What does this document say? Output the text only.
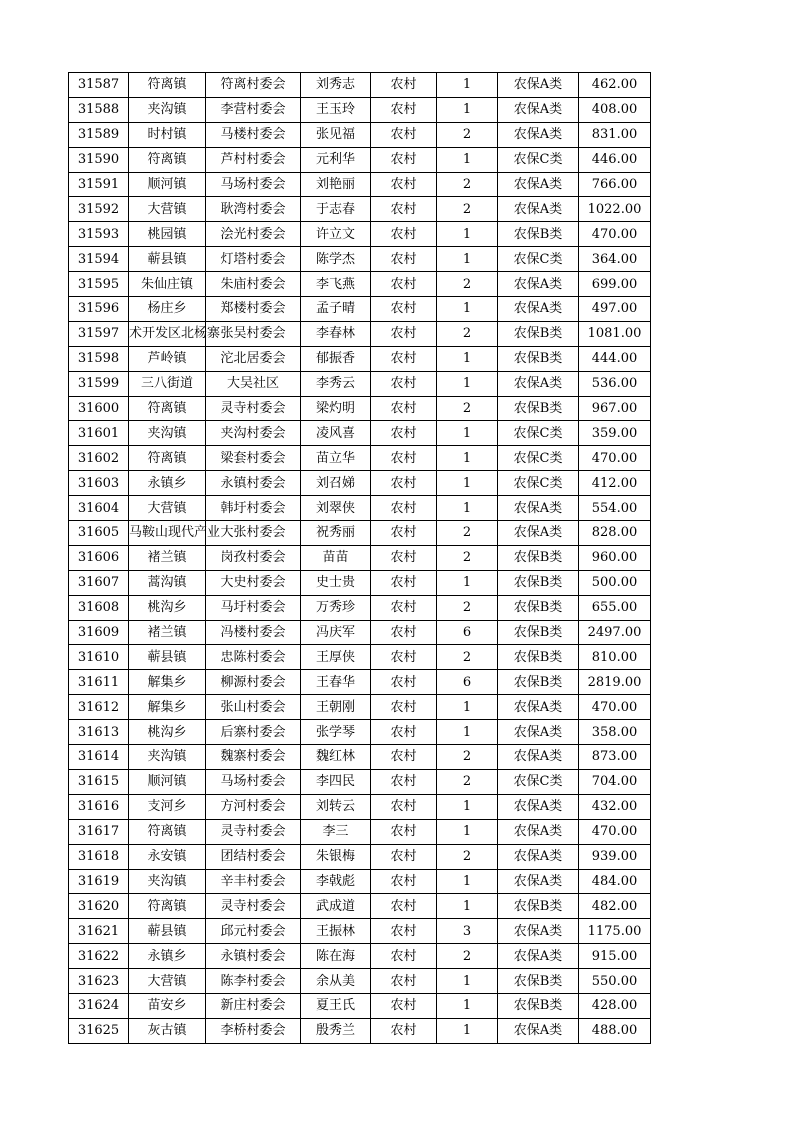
31587	符离镇	符离村委会	刘秀志	农村	1	农保A类	462.00
31588	夹沟镇	李营村委会	王玉玲	农村	1	农保A类	408.00
31589	时村镇	马楼村委会	张见福	农村	2	农保A类	831.00
31590	符离镇	芦村村委会	元利华	农村	1	农保C类	446.00
31591	顺河镇	马场村委会	刘艳丽	农村	2	农保A类	766.00
31592	大营镇	耿湾村委会	于志春	农村	2	农保A类	1022.00
31593	桃园镇	浍光村委会	许立文	农村	1	农保B类	470.00
31594	蕲县镇	灯塔村委会	陈学杰	农村	1	农保C类	364.00
31595	朱仙庄镇	朱庙村委会	李飞燕	农村	2	农保A类	699.00
31596	杨庄乡	郑楼村委会	孟子晴	农村	1	农保A类	497.00
31597	术开发区北杨寨	张吴村委会	李春林	农村	2	农保B类	1081.00
31598	芦岭镇	沱北居委会	郁振香	农村	1	农保B类	444.00
31599	三八街道	大吴社区	李秀云	农村	1	农保A类	536.00
31600	符离镇	灵寺村委会	梁灼明	农村	2	农保B类	967.00
31601	夹沟镇	夹沟村委会	凌风喜	农村	1	农保C类	359.00
31602	符离镇	梁套村委会	苗立华	农村	1	农保C类	470.00
31603	永镇乡	永镇村委会	刘召娣	农村	1	农保C类	412.00
31604	大营镇	韩圩村委会	刘翠侠	农村	1	农保A类	554.00
31605	马鞍山现代产业	大张村委会	祝秀丽	农村	2	农保A类	828.00
31606	褚兰镇	岗孜村委会	苗苗	农村	2	农保B类	960.00
31607	蒿沟镇	大史村委会	史士贵	农村	1	农保B类	500.00
31608	桃沟乡	马圩村委会	万秀珍	农村	2	农保B类	655.00
31609	褚兰镇	冯楼村委会	冯庆军	农村	6	农保B类	2497.00
31610	蕲县镇	忠陈村委会	王厚侠	农村	2	农保B类	810.00
31611	解集乡	柳源村委会	王春华	农村	6	农保B类	2819.00
31612	解集乡	张山村委会	王朝刚	农村	1	农保A类	470.00
31613	桃沟乡	后寨村委会	张学琴	农村	1	农保A类	358.00
31614	夹沟镇	魏寨村委会	魏红林	农村	2	农保A类	873.00
31615	顺河镇	马场村委会	李四民	农村	2	农保C类	704.00
31616	支河乡	方河村委会	刘转云	农村	1	农保A类	432.00
31617	符离镇	灵寺村委会	李三	农村	1	农保A类	470.00
31618	永安镇	团结村委会	朱银梅	农村	2	农保A类	939.00
31619	夹沟镇	辛丰村委会	李戟彪	农村	1	农保A类	484.00
31620	符离镇	灵寺村委会	武成道	农村	1	农保B类	482.00
31621	蕲县镇	邱元村委会	王振林	农村	3	农保A类	1175.00
31622	永镇乡	永镇村委会	陈在海	农村	2	农保A类	915.00
31623	大营镇	陈李村委会	余从美	农村	1	农保B类	550.00
31624	苗安乡	新庄村委会	夏王氏	农村	1	农保B类	428.00
31625	灰古镇	李桥村委会	殷秀兰	农村	1	农保A类	488.00
